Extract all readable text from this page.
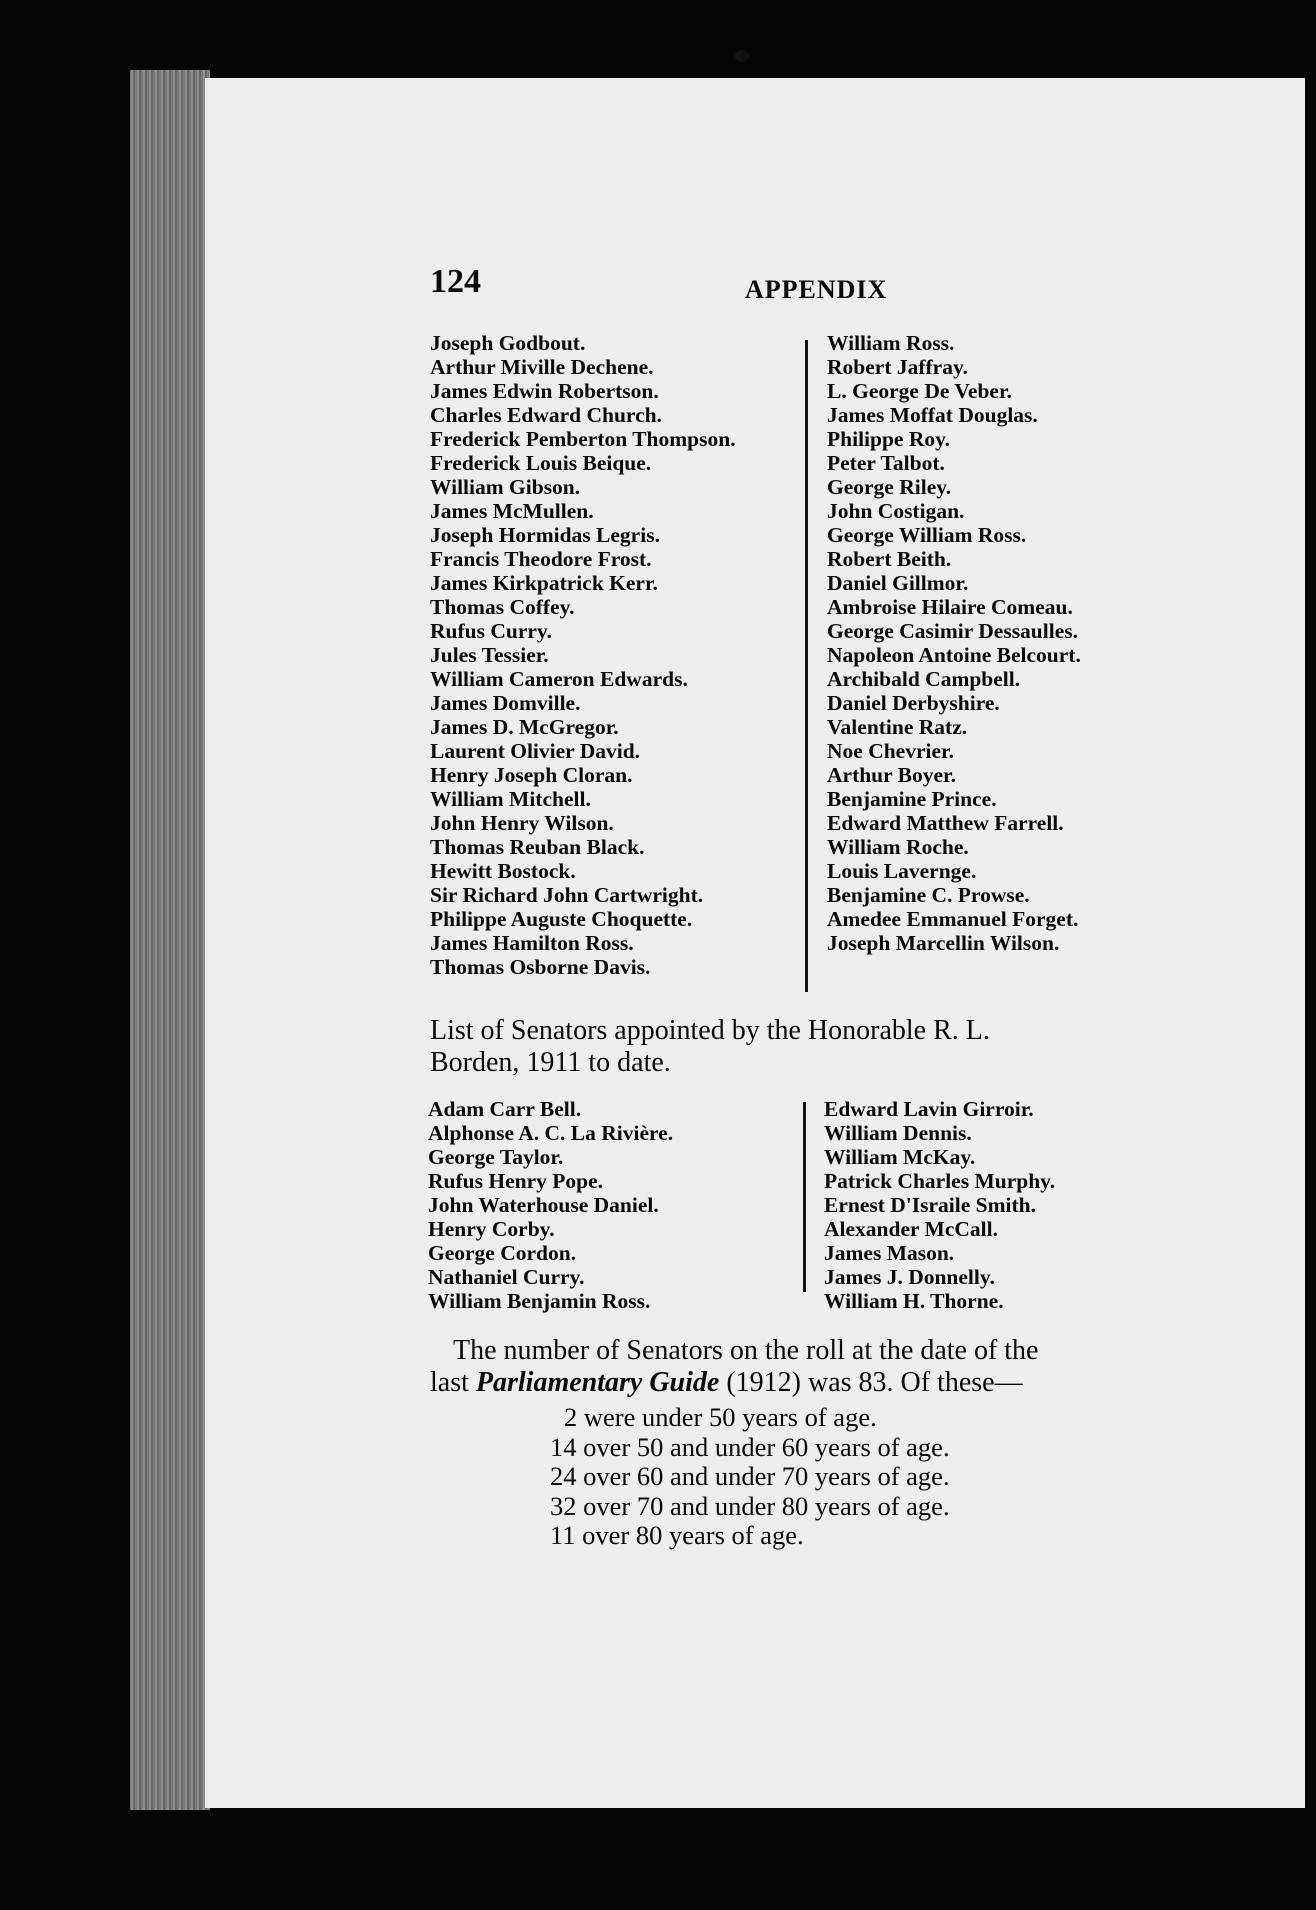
124	APPENDIX
Joseph Godbout.
Arthur Miville Dechene.
James Edwin Robertson.
Charles Edward Church.
Frederick Pemberton Thompson.
Frederick Louis Beique.
William Gibson.
James McMullen.
Joseph Hormidas Legris.
Francis Theodore Frost.
James Kirkpatrick Kerr.
Thomas Coffey.
Rufus Curry.
Jules Tessier.
William Cameron Edwards.
James Domville.
James D. McGregor.
Laurent Olivier David.
Henry Joseph Cloran.
William Mitchell.
John Henry Wilson.
Thomas Reuban Black.
Hewitt Bostock.
Sir Richard John Cartwright.
Philippe Auguste Choquette.
James Hamilton Ross.
Thomas Osborne Davis.
William Ross.
Robert Jaffray.
L. George De Veber.
James Moffat Douglas.
Philippe Roy.
Peter Talbot.
George Riley.
John Costigan.
George William Ross.
Robert Beith.
Daniel Gillmor.
Ambroise Hilaire Comeau.
George Casimir Dessaulles.
Napoleon Antoine Belcourt.
Archibald Campbell.
Daniel Derbyshire.
Valentine Ratz.
Noe Chevrier.
Arthur Boyer.
Benjamine Prince.
Edward Matthew Farrell.
William Roche.
Louis Lavernge.
Benjamine C. Prowse.
Amedee Emmanuel Forget.
Joseph Marcellin Wilson.
List of Senators appointed by the Honorable R. L.
Borden, 1911 to date.
Adam Carr Bell.
Alphonse A. C. La Rivière.
George Taylor.
Rufus Henry Pope.
John Waterhouse Daniel.
Henry Corby.
George Cordon.
Nathaniel Curry.
William Benjamin Ross.
Edward Lavin Girroir.
William Dennis.
William McKay.
Patrick Charles Murphy.
Ernest D'Israile Smith.
Alexander McCall.
James Mason.
James J. Donnelly.
William H. Thorne.
The number of Senators on the roll at the date of the
last Parliamentary Guide (1912) was 83. Of these—
2 were under 50 years of age.
14 over 50 and under 60 years of age.
24 over 60 and under 70 years of age.
32 over 70 and under 80 years of age.
11 over 80 years of age.
